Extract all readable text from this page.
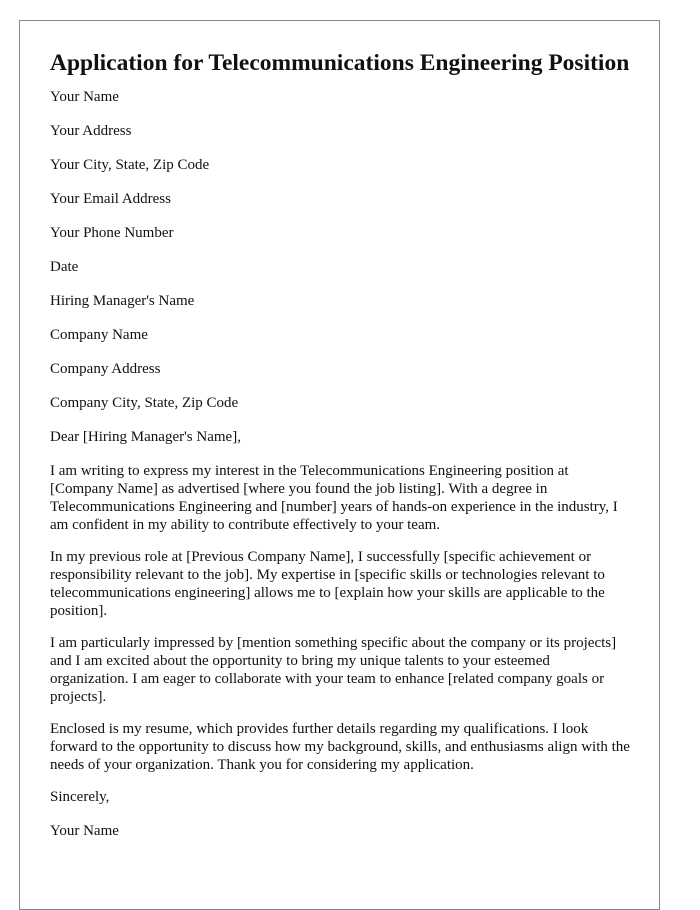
Application for Telecommunications Engineering Position

Your Name

Your Address

Your City, State, Zip Code

Your Email Address

Your Phone Number

Date

Hiring Manager's Name

Company Name

Company Address

Company City, State, Zip Code

Dear [Hiring Manager's Name],

I am writing to express my interest in the Telecommunications Engineering position at [Company Name] as advertised [where you found the job listing]. With a degree in Telecommunications Engineering and [number] years of hands-on experience in the industry, I am confident in my ability to contribute effectively to your team.

In my previous role at [Previous Company Name], I successfully [specific achievement or responsibility relevant to the job]. My expertise in [specific skills or technologies relevant to telecommunications engineering] allows me to [explain how your skills are applicable to the position].

I am particularly impressed by [mention something specific about the company or its projects] and I am excited about the opportunity to bring my unique talents to your esteemed organization. I am eager to collaborate with your team to enhance [related company goals or projects].

Enclosed is my resume, which provides further details regarding my qualifications. I look forward to the opportunity to discuss how my background, skills, and enthusiasms align with the needs of your organization. Thank you for considering my application.

Sincerely,

Your Name
